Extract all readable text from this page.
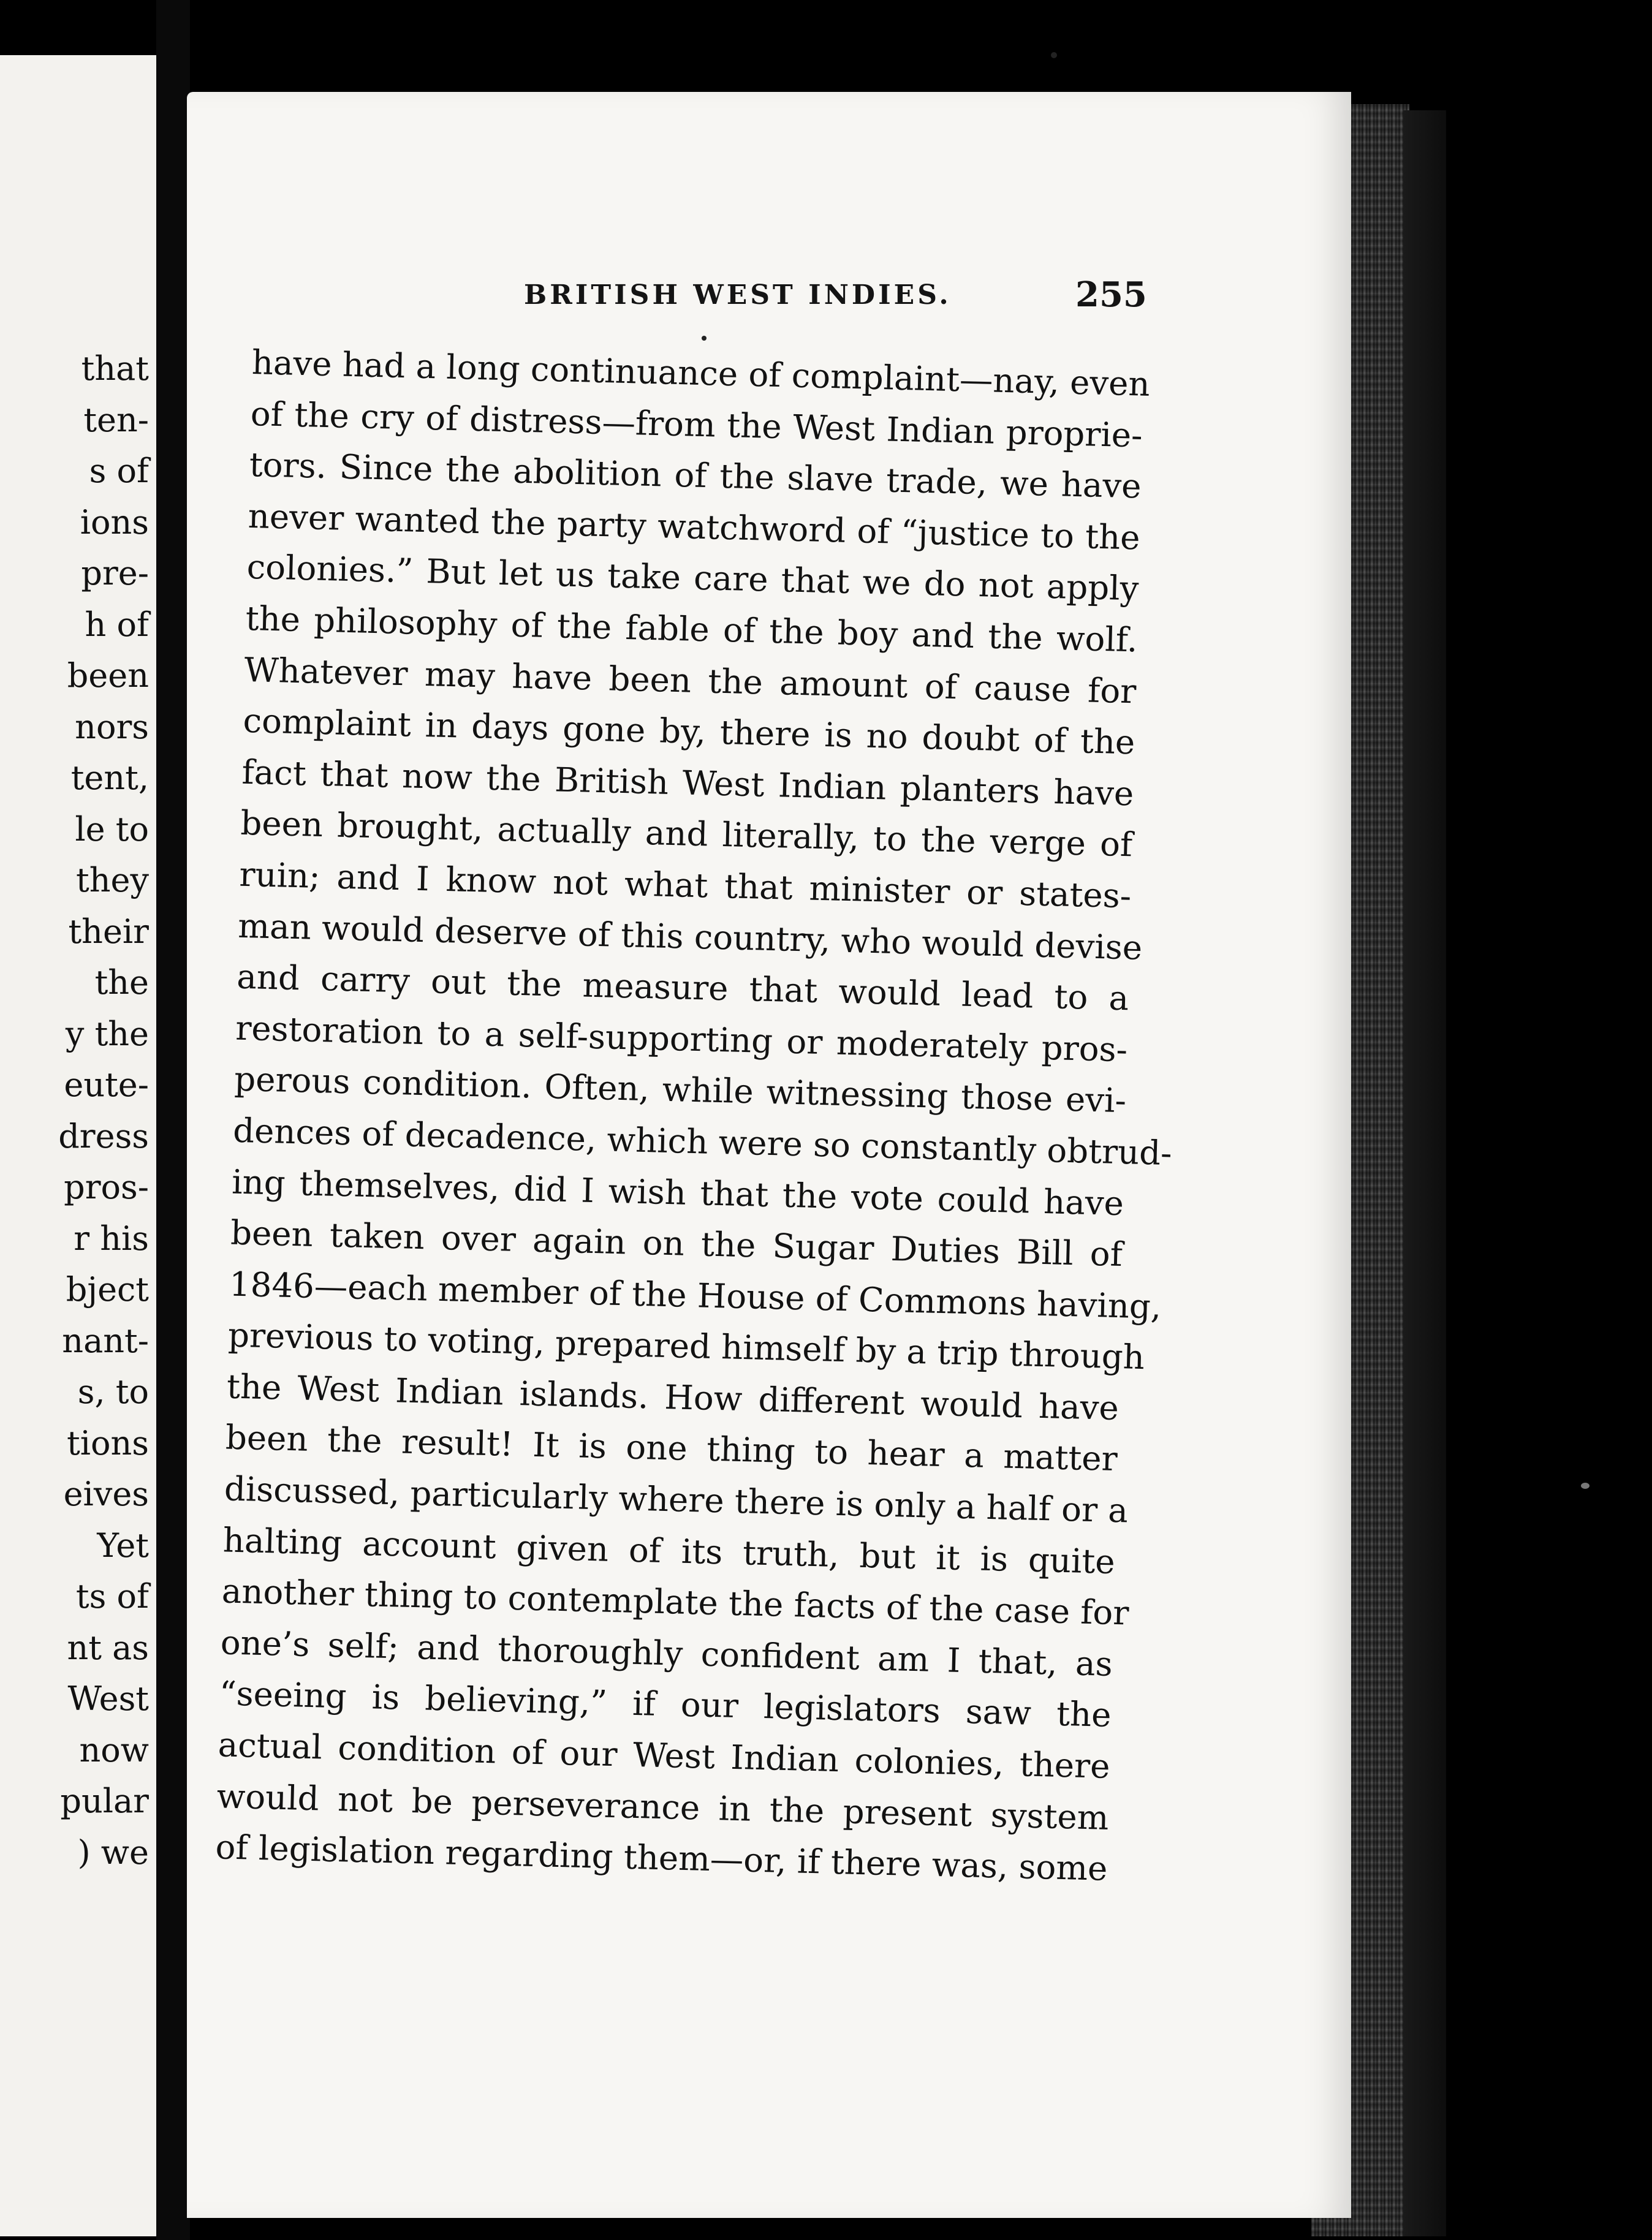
that
ten-
s of
ions
pre-
h of
been
nors
tent,
le to
they
their
the
y the
eute-
dress
pros-
r his
bject
nant-
s, to
tions
eives
Yet
ts of
nt as
West
now
pular
) we
BRITISH WEST INDIES.	255
have had a long continuance of complaint—nay, even
of the cry of distress—from the West Indian proprie-
tors. Since the abolition of the slave trade, we have
never wanted the party watchword of “justice to the
colonies.” But let us take care that we do not apply
the philosophy of the fable of the boy and the wolf.
Whatever may have been the amount of cause for
complaint in days gone by, there is no doubt of the
fact that now the British West Indian planters have
been brought, actually and literally, to the verge of
ruin; and I know not what that minister or states-
man would deserve of this country, who would devise
and carry out the measure that would lead to a
restoration to a self-supporting or moderately pros-
perous condition. Often, while witnessing those evi-
dences of decadence, which were so constantly obtrud-
ing themselves, did I wish that the vote could have
been taken over again on the Sugar Duties Bill of
1846—each member of the House of Commons having,
previous to voting, prepared himself by a trip through
the West Indian islands. How different would have
been the result! It is one thing to hear a matter
discussed, particularly where there is only a half or a
halting account given of its truth, but it is quite
another thing to contemplate the facts of the case for
one’s self; and thoroughly confident am I that, as
“seeing is believing,” if our legislators saw the
actual condition of our West Indian colonies, there
would not be perseverance in the present system
of legislation regarding them—or, if there was, some
